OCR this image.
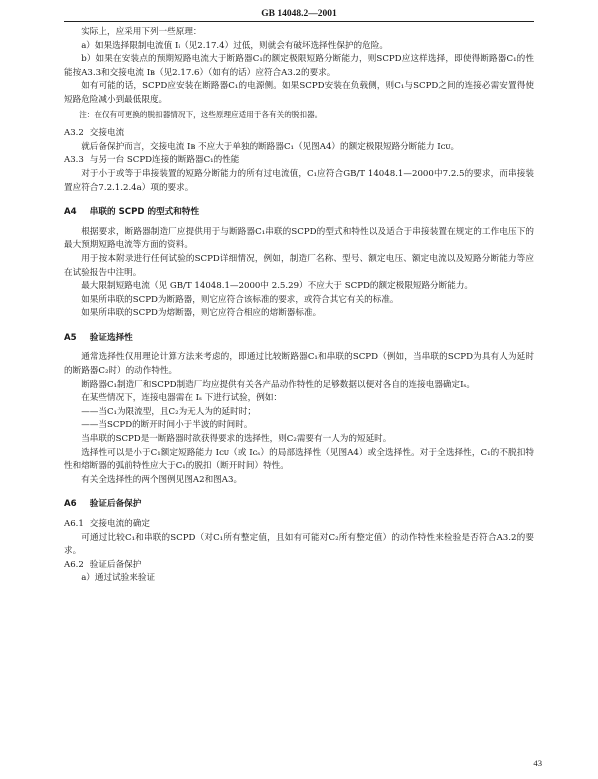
GB 14048.2—2001

实际上，应采用下列一些原理：

a）如果选择限制电流值 Iᵢ（见2.17.4）过低，则就会有破坏选择性保护的危险。

b）如果在安装点的预期短路电流大于断路器C₁的额定极限短路分断能力，则SCPD应这样选择，即使得断路器C₁的性能按A3.3和交接电流 Iʙ（见2.17.6）（如有的话）应符合A3.2的要求。

如有可能的话，SCPD应安装在断路器C₁的电源侧。如果SCPD安装在负载侧，则C₁与SCPD之间的连接必需安置得使短路危险减小到最低限度。

注：在仅有可更换的脱扣器情况下，这些原理应适用于各有关的脱扣器。

A3.2 交接电流

就后备保护而言，交接电流 Iʙ 不应大于单独的断路器C₁（见图A4）的额定极限短路分断能力 Iᴄᴜ。

A3.3 与另一台 SCPD连接的断路器C₁的性能

对于小于或等于串接装置的短路分断能力的所有过电流值，C₁应符合GB/T 14048.1—2000中7.2.5的要求，而串接装置应符合7.2.1.2.4a）项的要求。

A4 串联的 SCPD 的型式和特性

根据要求，断路器制造厂应提供用于与断路器C₁串联的SCPD的型式和特性以及适合于串接装置在规定的工作电压下的最大预期短路电流等方面的资料。

用于按本附录进行任何试验的SCPD详细情况，例如，制造厂名称、型号、额定电压、额定电流以及短路分断能力等应在试验报告中注明。

最大限制短路电流（见 GB/T 14048.1—2000中 2.5.29）不应大于 SCPD的额定极限短路分断能力。

如果所串联的SCPD为断路器，则它应符合该标准的要求，或符合其它有关的标准。

如果所串联的SCPD为熔断器，则它应符合相应的熔断器标准。

A5 验证选择性

通常选择性仅用理论计算方法来考虑的，即通过比较断路器C₁和串联的SCPD（例如，当串联的SCPD为具有人为延时的断路器C₂时）的动作特性。

断路器C₁制造厂和SCPD制造厂均应提供有关各产品动作特性的足够数据以便对各自的连接电器确定Iₛ。

在某些情况下，连接电器需在 Iₛ 下进行试验，例如：

——当C₁为限流型，且C₂为无人为的延时时；

——当SCPD的断开时间小于半波的时间时。

当串联的SCPD是一断路器时欲获得要求的选择性，则C₂需要有一人为的短延时。

选择性可以是小于C₁额定短路能力 Iᴄᴜ（或 Iᴄₛ）的局部选择性（见图A4）或全选择性。对于全选择性，C₁的不脱扣特性和熔断器的弧前特性应大于C₁的脱扣（断开时间）特性。

有关全选择性的两个图例见图A2和图A3。

A6 验证后备保护
A6.1 交接电流的确定

可通过比较C₁和串联的SCPD（对C₁所有整定值，且如有可能对C₂所有整定值）的动作特性来检验是否符合A3.2的要求。

A6.2 验证后备保护

a）通过试验来验证

43
